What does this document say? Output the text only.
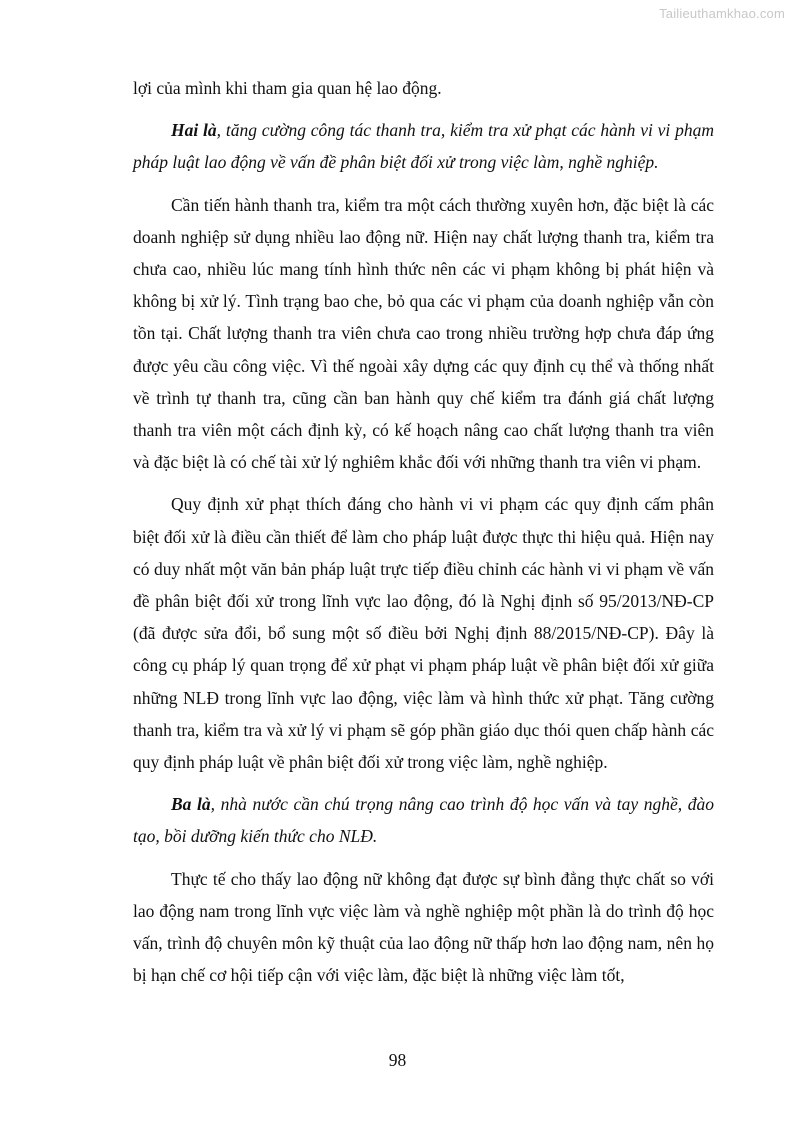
Tailieuthamkhao.com

lợi của mình khi tham gia quan hệ lao động.

Hai là, tăng cường công tác thanh tra, kiểm tra xử phạt các hành vi vi phạm pháp luật lao động về vấn đề phân biệt đối xử trong việc làm, nghề nghiệp.

Cần tiến hành thanh tra, kiểm tra một cách thường xuyên hơn, đặc biệt là các doanh nghiệp sử dụng nhiều lao động nữ. Hiện nay chất lượng thanh tra, kiểm tra chưa cao, nhiều lúc mang tính hình thức nên các vi phạm không bị phát hiện và không bị xử lý. Tình trạng bao che, bỏ qua các vi phạm của doanh nghiệp vẫn còn tồn tại. Chất lượng thanh tra viên chưa cao trong nhiều trường hợp chưa đáp ứng được yêu cầu công việc. Vì thế ngoài xây dựng các quy định cụ thể và thống nhất về trình tự thanh tra, cũng cần ban hành quy chế kiểm tra đánh giá chất lượng thanh tra viên một cách định kỳ, có kế hoạch nâng cao chất lượng thanh tra viên và đặc biệt là có chế tài xử lý nghiêm khắc đối với những thanh tra viên vi phạm.

Quy định xử phạt thích đáng cho hành vi vi phạm các quy định cấm phân biệt đối xử là điều cần thiết để làm cho pháp luật được thực thi hiệu quả. Hiện nay có duy nhất một văn bản pháp luật trực tiếp điều chỉnh các hành vi vi phạm về vấn đề phân biệt đối xử trong lĩnh vực lao động, đó là Nghị định số 95/2013/NĐ-CP (đã được sửa đổi, bổ sung một số điều bởi Nghị định 88/2015/NĐ-CP). Đây là công cụ pháp lý quan trọng để xử phạt vi phạm pháp luật về phân biệt đối xử giữa những NLĐ trong lĩnh vực lao động, việc làm và hình thức xử phạt. Tăng cường thanh tra, kiểm tra và xử lý vi phạm sẽ góp phần giáo dục thói quen chấp hành các quy định pháp luật về phân biệt đối xử trong việc làm, nghề nghiệp.

Ba là, nhà nước cần chú trọng nâng cao trình độ học vấn và tay nghề, đào tạo, bồi dưỡng kiến thức cho NLĐ.

Thực tế cho thấy lao động nữ không đạt được sự bình đẳng thực chất so với lao động nam trong lĩnh vực việc làm và nghề nghiệp một phần là do trình độ học vấn, trình độ chuyên môn kỹ thuật của lao động nữ thấp hơn lao động nam, nên họ bị hạn chế cơ hội tiếp cận với việc làm, đặc biệt là những việc làm tốt,

98
